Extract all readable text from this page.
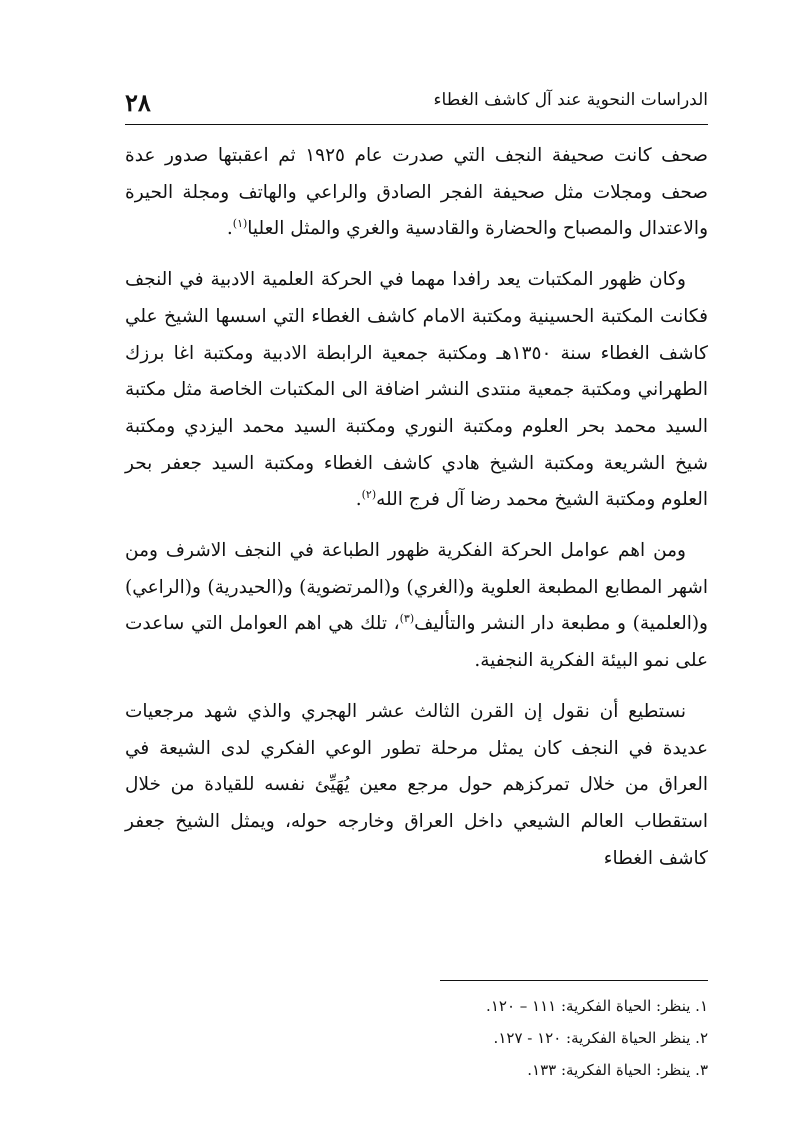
٢٨	الدراسات النحوية عند آل كاشف الغطاء

صحف كانت صحيفة النجف التي صدرت عام ١٩٢٥ ثم اعقبتها صدور عدة صحف ومجلات مثل صحيفة الفجر الصادق والراعي والهاتف ومجلة الحيرة والاعتدال والمصباح والحضارة والقادسية والغري والمثل العليا$^{(١)}$.

وكان ظهور المكتبات يعد رافدا مهما في الحركة العلمية الادبية في النجف فكانت المكتبة الحسينية ومكتبة الامام كاشف الغطاء التي اسسها الشيخ علي كاشف الغطاء سنة ١٣٥٠هـ ومكتبة جمعية الرابطة الادبية ومكتبة اغا برزك الطهراني ومكتبة جمعية منتدى النشر اضافة الى المكتبات الخاصة مثل مكتبة السيد محمد بحر العلوم ومكتبة النوري ومكتبة السيد محمد اليزدي ومكتبة شيخ الشريعة ومكتبة الشيخ هادي كاشف الغطاء ومكتبة السيد جعفر بحر العلوم ومكتبة الشيخ محمد رضا آل فرج الله$^{(٢)}$.

ومن اهم عوامل الحركة الفكرية ظهور الطباعة في النجف الاشرف ومن اشهر المطابع المطبعة العلوية و(الغري) و(المرتضوية) و(الحيدرية) و(الراعي) و(العلمية) و مطبعة دار النشر والتأليف$^{(٣)}$، تلك هي اهم العوامل التي ساعدت على نمو البيئة الفكرية النجفية.

نستطيع أن نقول إن القرن الثالث عشر الهجري والذي شهد مرجعيات عديدة في النجف كان يمثل مرحلة تطور الوعي الفكري لدى الشيعة في العراق من خلال تمركزهم حول مرجع معين يُهَيِّئ نفسه للقيادة من خلال استقطاب العالم الشيعي داخل العراق وخارجه حوله، ويمثل الشيخ جعفر كاشف الغطاء

١. ينظر: الحياة الفكرية: ١١١ – ١٢٠.

٢. ينظر الحياة الفكرية: ١٢٠ - ١٢٧.

٣. ينظر: الحياة الفكرية: ١٣٣.
